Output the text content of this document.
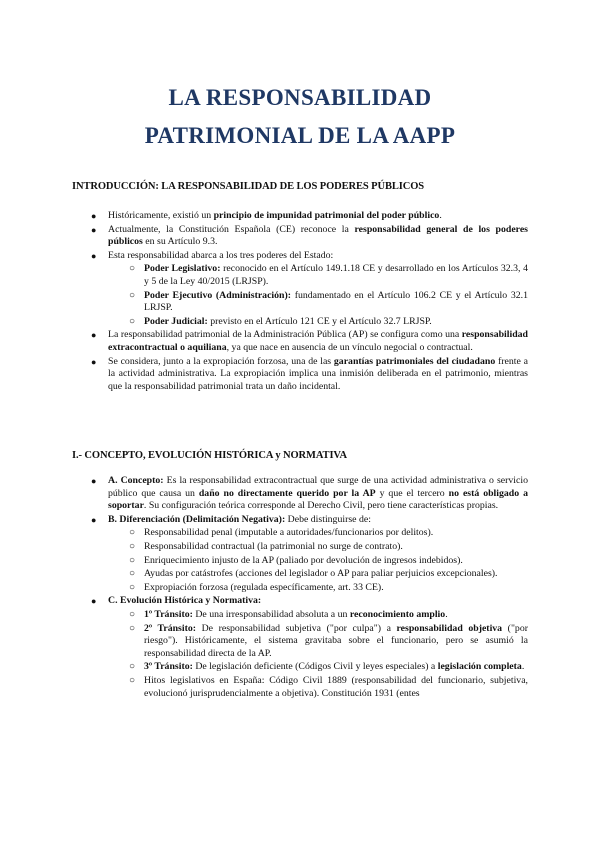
LA RESPONSABILIDAD
PATRIMONIAL DE LA AAPP
INTRODUCCIÓN: LA RESPONSABILIDAD DE LOS PODERES PÚBLICOS
● Históricamente, existió un principio de impunidad patrimonial del poder público.
● Actualmente, la Constitución Española (CE) reconoce la responsabilidad general de los poderes públicos en su Artículo 9.3.
● Esta responsabilidad abarca a los tres poderes del Estado:
○ Poder Legislativo: reconocido en el Artículo 149.1.18 CE y desarrollado en los Artículos 32.3, 4 y 5 de la Ley 40/2015 (LRJSP).
○ Poder Ejecutivo (Administración): fundamentado en el Artículo 106.2 CE y el Artículo 32.1 LRJSP.
○ Poder Judicial: previsto en el Artículo 121 CE y el Artículo 32.7 LRJSP.
● La responsabilidad patrimonial de la Administración Pública (AP) se configura como una responsabilidad extracontractual o aquiliana, ya que nace en ausencia de un vínculo negocial o contractual.
● Se considera, junto a la expropiación forzosa, una de las garantías patrimoniales del ciudadano frente a la actividad administrativa. La expropiación implica una inmisión deliberada en el patrimonio, mientras que la responsabilidad patrimonial trata un daño incidental.
I.- CONCEPTO, EVOLUCIÓN HISTÓRICA y NORMATIVA
● A. Concepto: Es la responsabilidad extracontractual que surge de una actividad administrativa o servicio público que causa un daño no directamente querido por la AP y que el tercero no está obligado a soportar. Su configuración teórica corresponde al Derecho Civil, pero tiene características propias.
● B. Diferenciación (Delimitación Negativa): Debe distinguirse de:
○ Responsabilidad penal (imputable a autoridades/funcionarios por delitos).
○ Responsabilidad contractual (la patrimonial no surge de contrato).
○ Enriquecimiento injusto de la AP (paliado por devolución de ingresos indebidos).
○ Ayudas por catástrofes (acciones del legislador o AP para paliar perjuicios excepcionales).
○ Expropiación forzosa (regulada específicamente, art. 33 CE).
● C. Evolución Histórica y Normativa:
○ 1º Tránsito: De una irresponsabilidad absoluta a un reconocimiento amplio.
○ 2º Tránsito: De responsabilidad subjetiva ("por culpa") a responsabilidad objetiva ("por riesgo"). Históricamente, el sistema gravitaba sobre el funcionario, pero se asumió la responsabilidad directa de la AP.
○ 3º Tránsito: De legislación deficiente (Códigos Civil y leyes especiales) a legislación completa.
○ Hitos legislativos en España: Código Civil 1889 (responsabilidad del funcionario, subjetiva, evolucionó jurisprudencialmente a objetiva). Constitución 1931 (entes
